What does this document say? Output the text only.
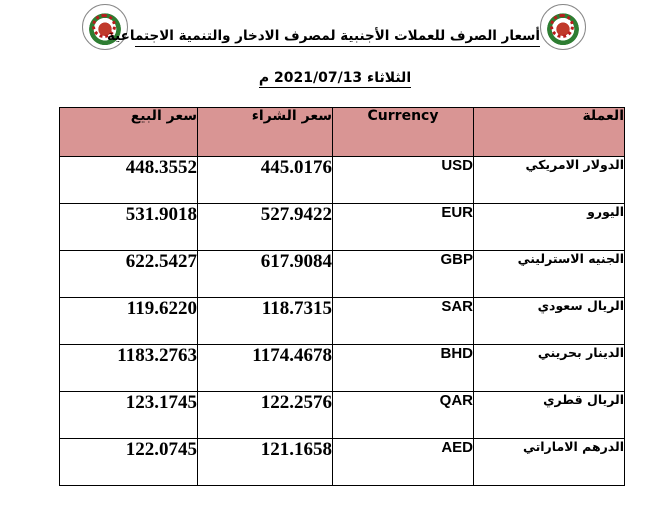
أسعار الصرف للعملات الأجنبية لمصرف الادخار والتنمية الاجتماعية
الثلاثاء 2021/07/13 م
سعر البيع	سعر الشراء	Currency	العملة
448.3552	445.0176	USD	الدولار الامريكي
531.9018	527.9422	EUR	اليورو
622.5427	617.9084	GBP	الجنيه الاسترليني
119.6220	118.7315	SAR	الريال سعودي
1183.2763	1174.4678	BHD	الدينار بحريني
123.1745	122.2576	QAR	الريال قطري
122.0745	121.1658	AED	الدرهم الاماراتي
